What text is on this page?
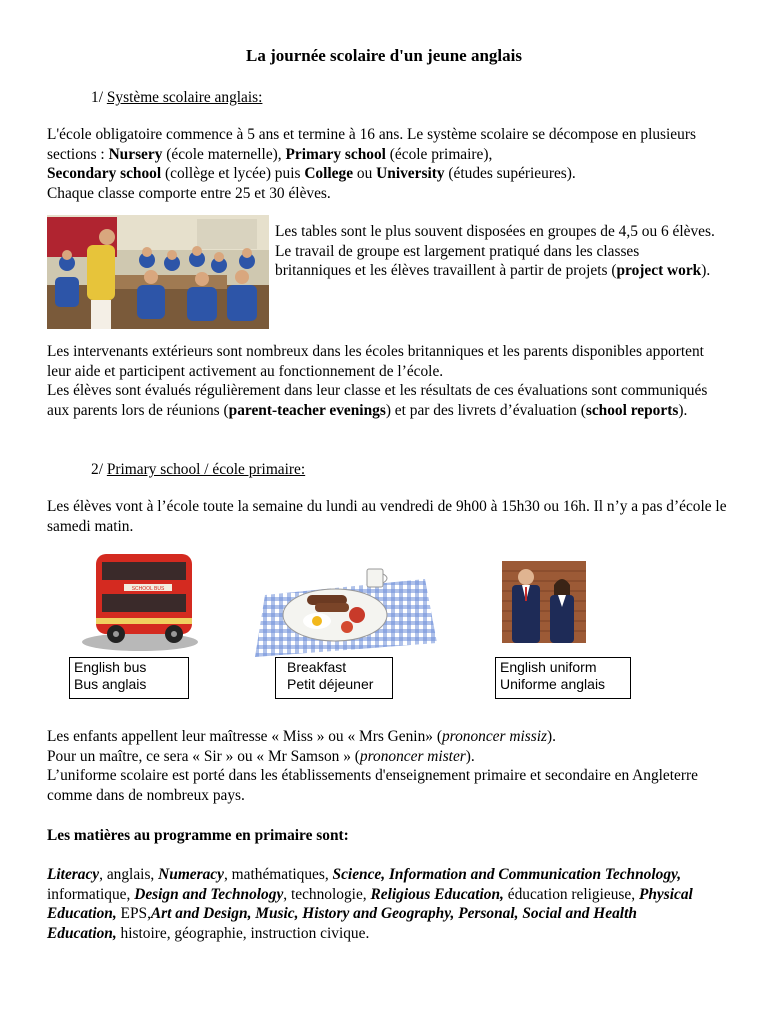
La journée scolaire d'un jeune anglais
1/ Système scolaire anglais:

L'école obligatoire commence à 5 ans et termine à 16 ans. Le système scolaire se décompose en plusieurs sections : Nursery (école maternelle), Primary school (école primaire),
Secondary school (collège et lycée) puis College ou University (études supérieures).
Chaque classe comporte entre 25 et 30 élèves.

Les tables sont le plus souvent disposées en groupes de 4,5 ou 6 élèves.
Le travail de groupe est largement pratiqué dans les classes britanniques et les élèves travaillent à partir de projets (project work).

Les intervenants extérieurs sont nombreux dans les écoles britanniques et les parents disponibles apportent leur aide et participent activement au fonctionnement de l’école.
Les élèves sont évalués régulièrement dans leur classe et les résultats de ces évaluations sont communiqués aux parents lors de réunions (parent-teacher evenings) et par des livrets d’évaluation (school reports).

2/ Primary school / école primaire:

Les élèves vont à l’école toute la semaine du lundi au vendredi de 9h00 à 15h30 ou 16h. Il n’y a pas d’école le samedi matin.

SCHOOL BUS
English bus
Bus anglais
Breakfast
Petit déjeuner
English uniform
Uniforme anglais

Les enfants appellent leur maîtresse « Miss » ou « Mrs Genin» (prononcer missiz).
Pour un maître, ce sera « Sir » ou « Mr Samson » (prononcer mister).
L’uniforme scolaire est porté dans les établissements d'enseignement primaire et secondaire en Angleterre comme dans de nombreux pays.

Les matières au programme en primaire sont:

Literacy, anglais, Numeracy, mathématiques, Science, Information and Communication Technology, informatique, Design and Technology, technologie, Religious Education, éducation religieuse, Physical Education, EPS,Art and Design, Music, History and Geography, Personal, Social and Health Education, histoire, géographie, instruction civique.
